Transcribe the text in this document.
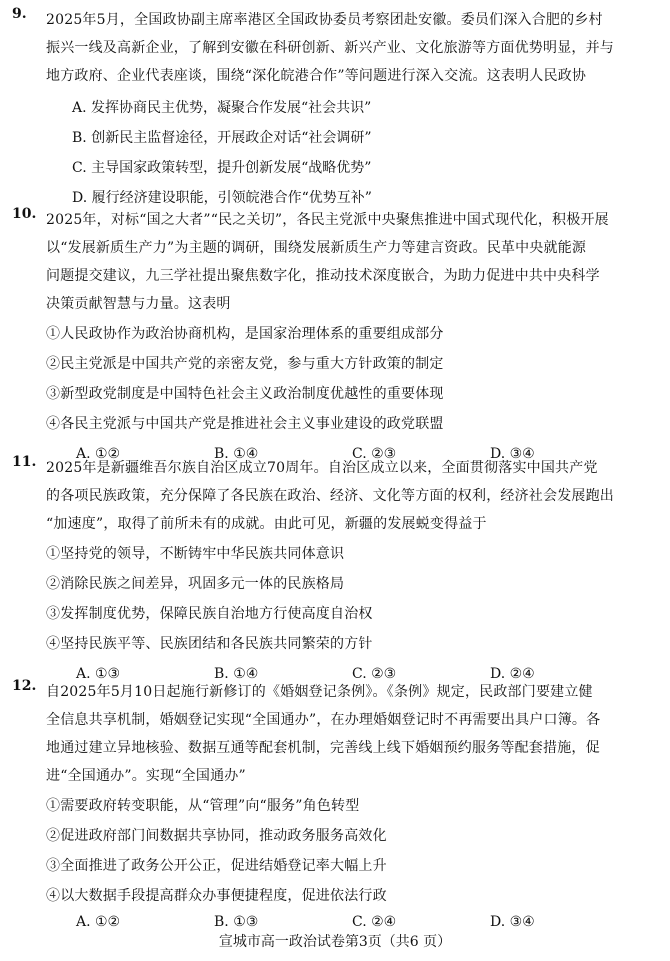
9. 2025年5月，全国政协副主席率港区全国政协委员考察团赴安徽。委员们深入合肥的乡村
振兴一线及高新企业，了解到安徽在科研创新、新兴产业、文化旅游等方面优势明显，并与
地方政府、企业代表座谈，围绕“深化皖港合作”等问题进行深入交流。这表明人民政协
A. 发挥协商民主优势，凝聚合作发展“社会共识”
B. 创新民主监督途径，开展政企对话“社会调研”
C. 主导国家政策转型，提升创新发展“战略优势”
D. 履行经济建设职能，引领皖港合作“优势互补”
10. 2025年，对标“国之大者”“民之关切”，各民主党派中央聚焦推进中国式现代化，积极开展
以“发展新质生产力”为主题的调研，围绕发展新质生产力等建言资政。民革中央就能源
问题提交建议，九三学社提出聚焦数字化，推动技术深度嵌合，为助力促进中共中央科学
决策贡献智慧与力量。这表明
①人民政协作为政治协商机构，是国家治理体系的重要组成部分
②民主党派是中国共产党的亲密友党，参与重大方针政策的制定
③新型政党制度是中国特色社会主义政治制度优越性的重要体现
④各民主党派与中国共产党是推进社会主义事业建设的政党联盟
A. ①②	B. ①④	C. ②③	D. ③④
11. 2025年是新疆维吾尔族自治区成立70周年。自治区成立以来，全面贯彻落实中国共产党
的各项民族政策，充分保障了各民族在政治、经济、文化等方面的权利，经济社会发展跑出
“加速度”，取得了前所未有的成就。由此可见，新疆的发展蜕变得益于
①坚持党的领导，不断铸牢中华民族共同体意识
②消除民族之间差异，巩固多元一体的民族格局
③发挥制度优势，保障民族自治地方行使高度自治权
④坚持民族平等、民族团结和各民族共同繁荣的方针
A. ①③	B. ①④	C. ②③	D. ②④
12. 自2025年5月10日起施行新修订的《婚姻登记条例》。《条例》规定，民政部门要建立健
全信息共享机制，婚姻登记实现“全国通办”，在办理婚姻登记时不再需要出具户口簿。各
地通过建立异地核验、数据互通等配套机制，完善线上线下婚姻预约服务等配套措施，促
进“全国通办”。实现“全国通办”
①需要政府转变职能，从“管理”向“服务”角色转型
②促进政府部门间数据共享协同，推动政务服务高效化
③全面推进了政务公开公正，促进结婚登记率大幅上升
④以大数据手段提高群众办事便捷程度，促进依法行政
A. ①②	B. ①③	C. ②④	D. ③④
宣城市高一政治试卷第3页（共6 页）
